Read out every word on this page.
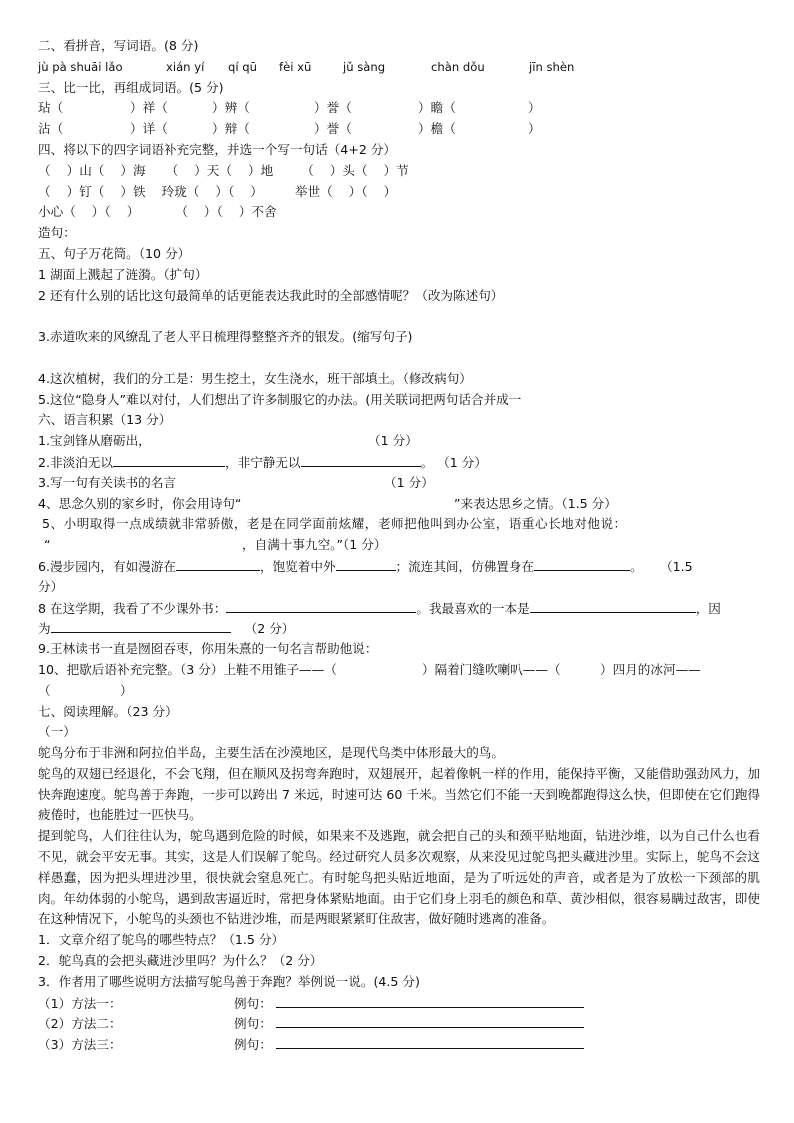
二、看拼音，写词语。(8 分)
jù pà shuāi lǎo	xián yí qí qū fèi xū	jǔ sàng	chàn dǒu	jīn shèn
三、比一比，再组成词语。(5 分)
玷（	）祥（	）辨（	）誉（	）瞻（	）
沾（	）详（	）辩（	）誉（	）檐（	）
四、将以下的四字词语补充完整，并选一个写一句话（4+2 分）
（    ）山（    ）海     （    ）天（    ）地       （    ）头（    ）节
（    ）钉（    ）铁    玲珑（    ）（    ）        举世（    ）（    ）
小心（    ）（    ）         （    ）（    ）不舍
造句：
五、句子万花筒。（10 分）
1 湖面上溅起了涟漪。（扩句）
2 还有什么别的话比这句最简单的话更能表达我此时的全部感情呢？（改为陈述句）
3.赤道吹来的风缭乱了老人平日梳理得整整齐齐的银发。(缩写句子)
4.这次植树，我们的分工是：男生挖土，女生浇水，班干部填土。（修改病句）
5.这位“隐身人”难以对付，人们想出了许多制服它的办法。(用关联词把两句话合并成一
六、语言积累（13 分）
1.宝剑锋从磨砺出，	（1 分）
2.非淡泊无以	，非宁静无以	。 （1 分）
3.写一句有关读书的名言	（1 分）
4、思念久别的家乡时，你会用诗句“	”来表达思乡之情。（1.5 分）
5、小明取得一点成绩就非常骄傲，老是在同学面前炫耀，老师把他叫到办公室，语重心长地对他说：
“	，自满十事九空。”（1 分）
6.漫步园内，有如漫游在	，饱览着中外	；流连其间，仿佛置身在	。 （1.5
分）
8 在这学期，我看了不少课外书：	。我最喜欢的一本是	，因
为	（2 分）
9.王林读书一直是囫囵吞枣，你用朱熹的一句名言帮助他说：
10、把歇后语补充完整。（3 分）上鞋不用锥子——（	）隔着门缝吹喇叭——（	）四月的冰河——
（	）
七、阅读理解。（23 分）
（一）
鸵鸟分布于非洲和阿拉伯半岛，主要生活在沙漠地区，是现代鸟类中体形最大的鸟。
鸵鸟的双翅已经退化，不会飞翔，但在顺风及拐弯奔跑时，双翅展开，起着像帆一样的作用，能保持平衡，又能借助强劲风力，加快奔跑速度。鸵鸟善于奔跑，一步可以跨出 7 米远，时速可达 60 千米。当然它们不能一天到晚都跑得这么快，但即使在它们跑得疲倦时，也能胜过一匹快马。
提到鸵鸟，人们往往认为，鸵鸟遇到危险的时候，如果来不及逃跑，就会把自己的头和颈平贴地面，钻进沙堆，以为自己什么也看不见，就会平安无事。其实，这是人们误解了鸵鸟。经过研究人员多次观察，从来没见过鸵鸟把头藏进沙里。实际上，鸵鸟不会这样愚蠢，因为把头埋进沙里，很快就会窒息死亡。有时鸵鸟把头贴近地面，是为了听远处的声音，或者是为了放松一下颈部的肌肉。年幼体弱的小鸵鸟，遇到敌害逼近时，常把身体紧贴地面。由于它们身上羽毛的颜色和草、黄沙相似，很容易瞒过敌害，即使在这种情况下，小鸵鸟的头颈也不钻进沙堆，而是两眼紧紧盯住敌害，做好随时逃离的准备。
1．文章介绍了鸵鸟的哪些特点？（1.5 分）
2．鸵鸟真的会把头藏进沙里吗？为什么？（2 分）
3．作者用了哪些说明方法描写鸵鸟善于奔跑？举例说一说。(4.5 分)
（1）方法一：	例句：
（2）方法二：	例句：
（3）方法三：	例句：
